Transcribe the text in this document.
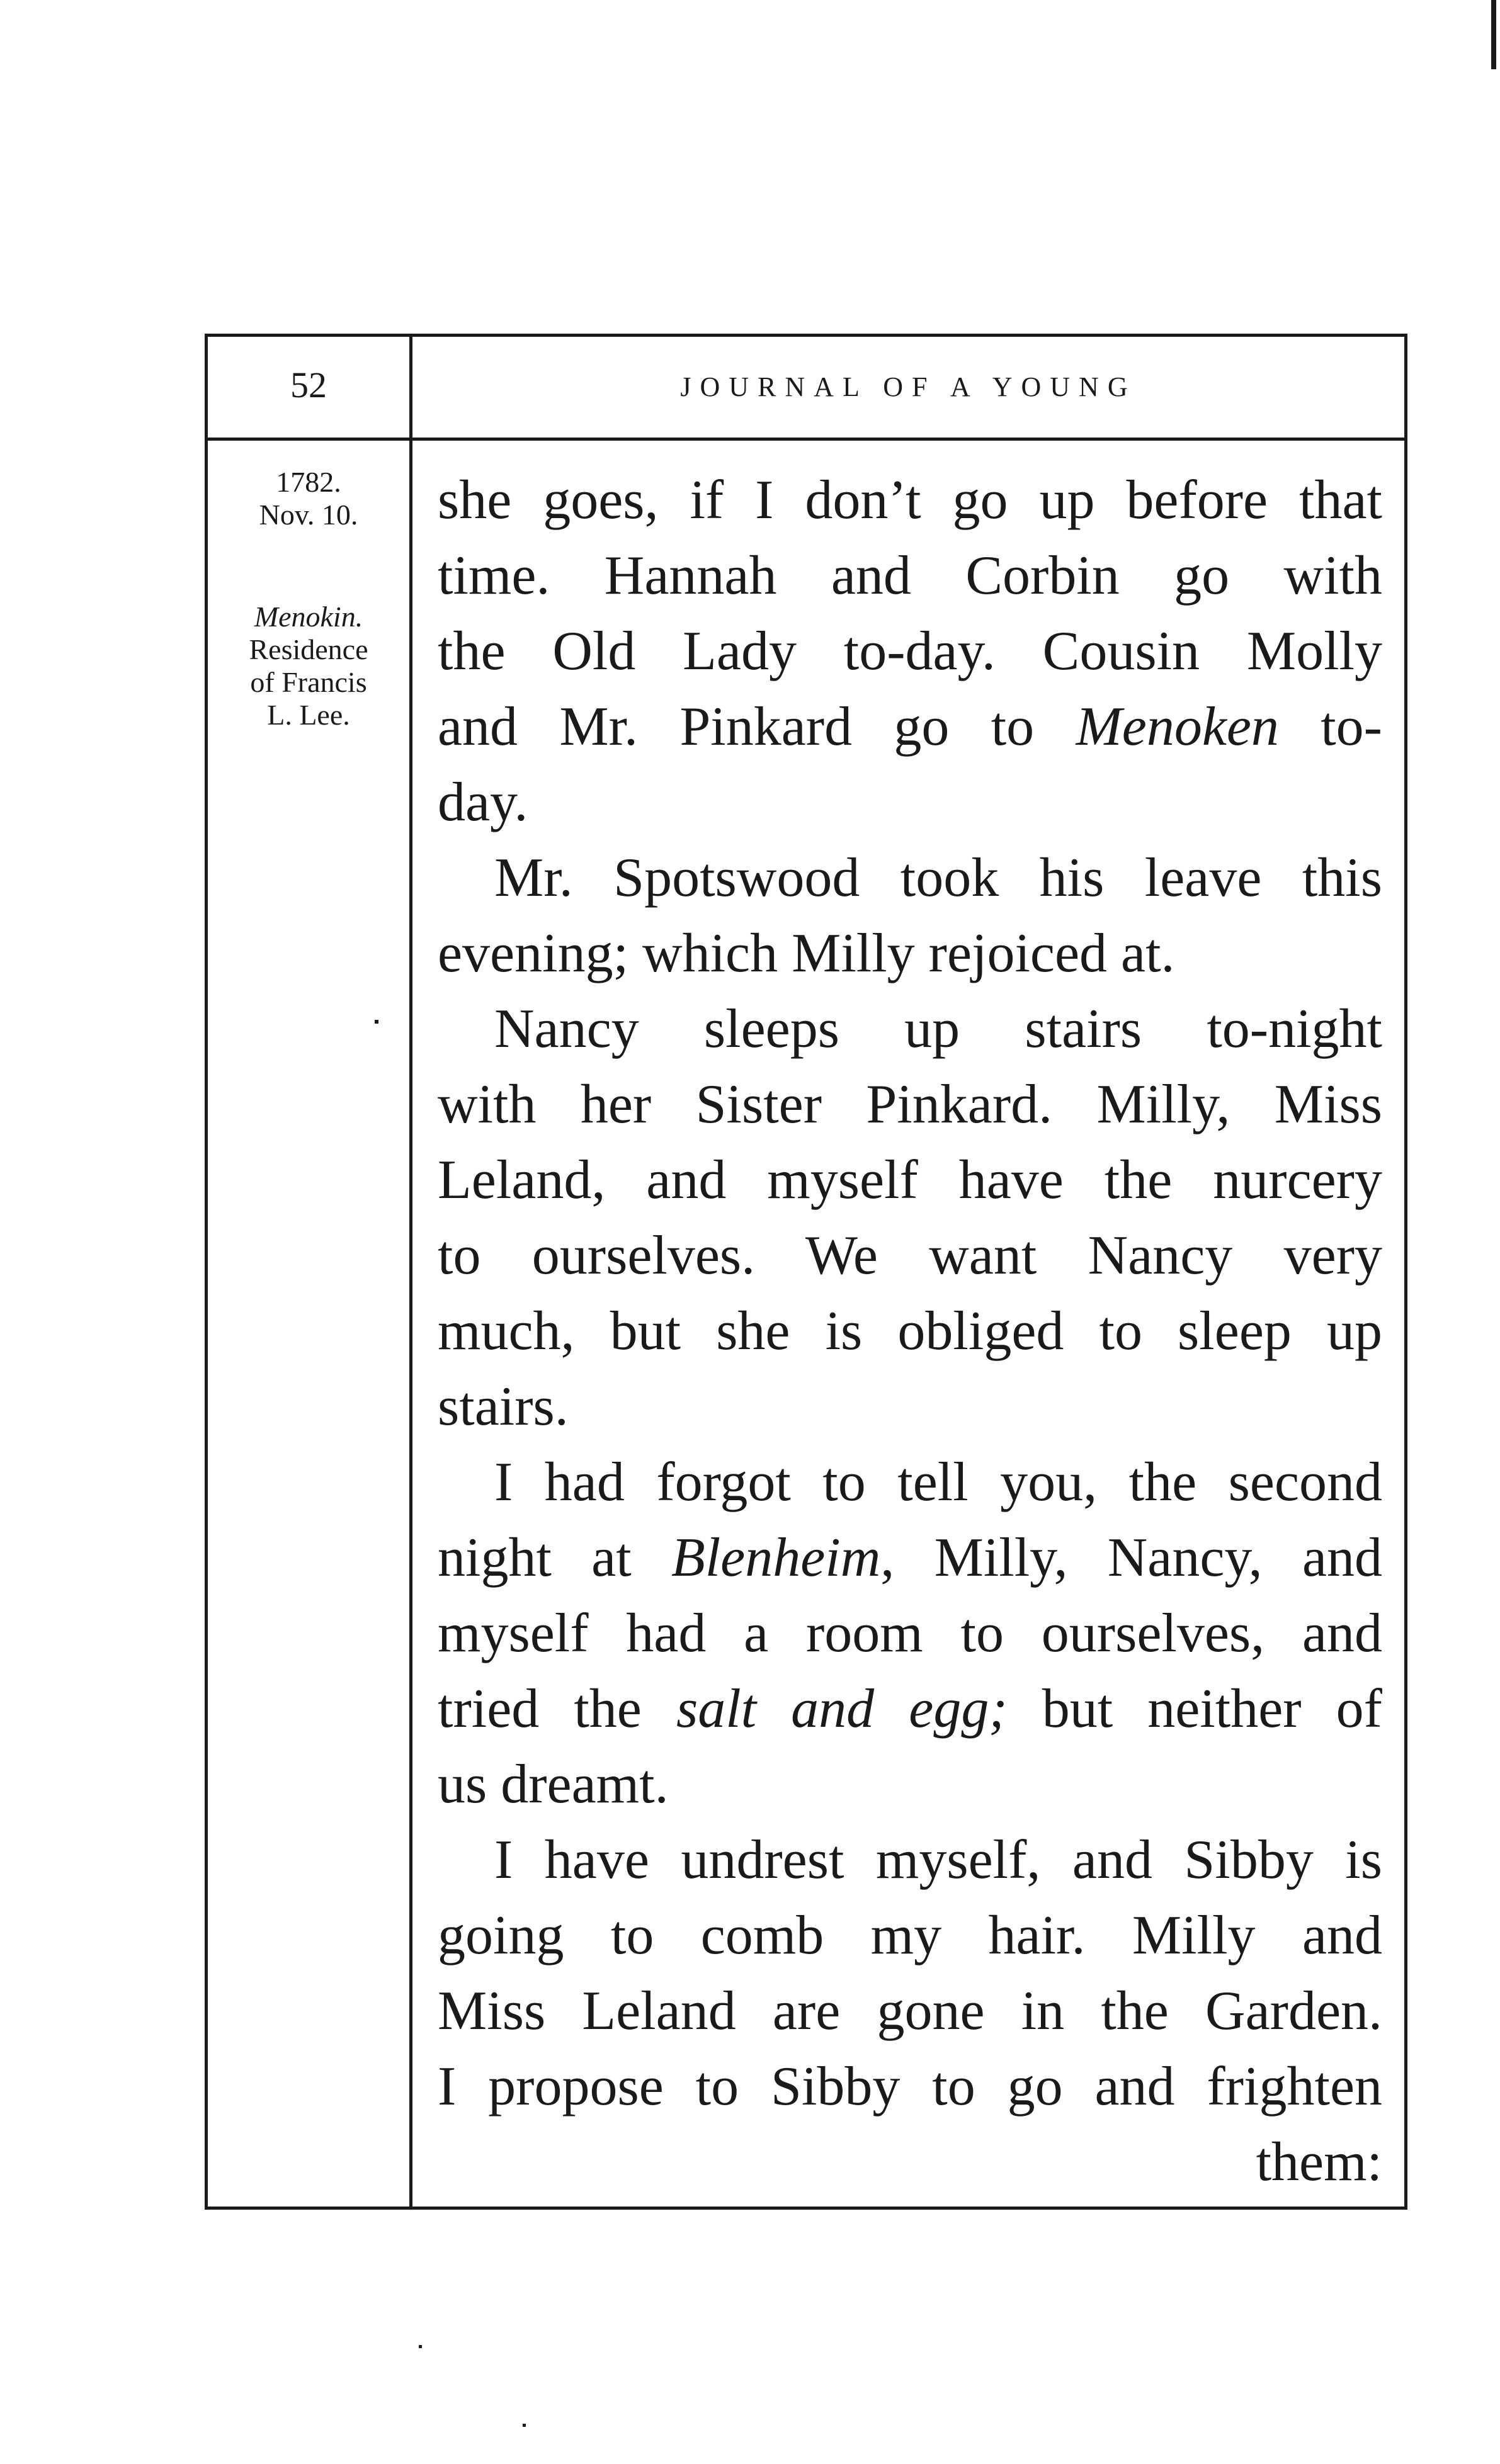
52	JOURNAL OF A YOUNG
1782.
Nov. 10.
Menokin.
Residence
of Francis
L. Lee.
she goes, if I don’t go up before that
time. Hannah and Corbin go with
the Old Lady to-day. Cousin Molly
and Mr. Pinkard go to Menoken to-
day.
Mr. Spotswood took his leave this
evening; which Milly rejoiced at.
Nancy sleeps up stairs to-night
with her Sister Pinkard. Milly, Miss
Leland, and myself have the nurcery
to ourselves. We want Nancy very
much, but she is obliged to sleep up
stairs.
I had forgot to tell you, the second
night at Blenheim, Milly, Nancy, and
myself had a room to ourselves, and
tried the salt and egg; but neither of
us dreamt.
I have undrest myself, and Sibby is
going to comb my hair. Milly and
Miss Leland are gone in the Garden.
I propose to Sibby to go and frighten
them:
